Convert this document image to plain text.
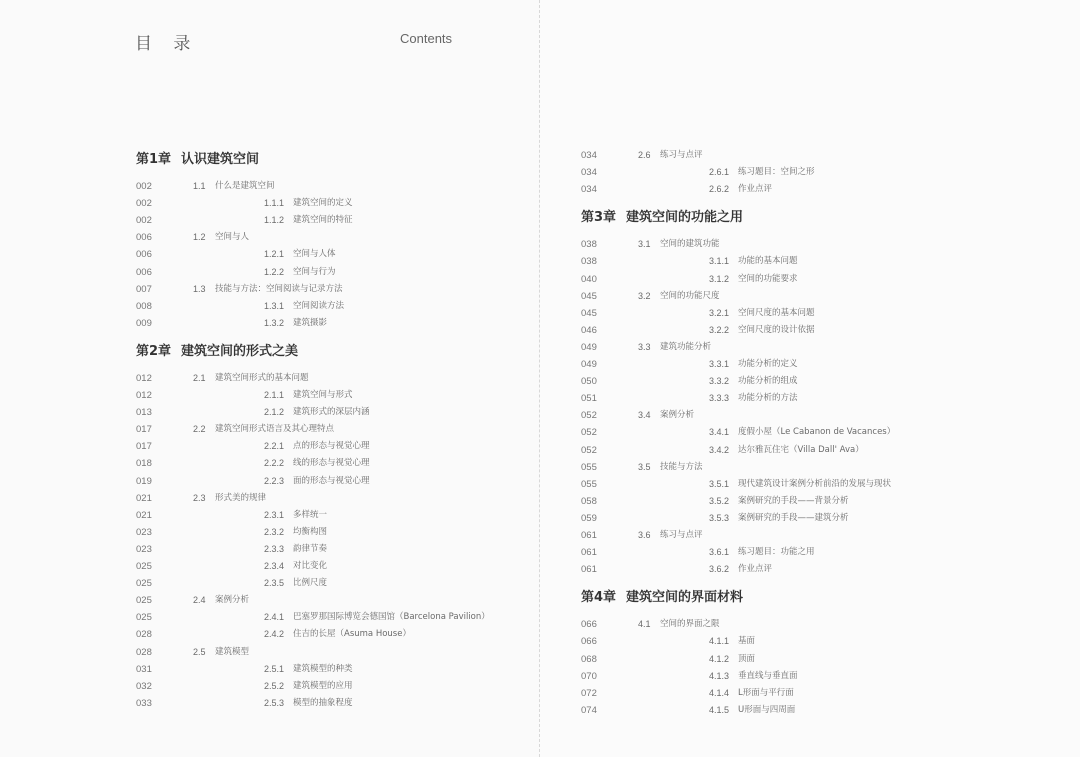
目 录	Contents
第1章 认识建筑空间
002	1.1 什么是建筑空间
002	1.1.1 建筑空间的定义
002	1.1.2 建筑空间的特征
006	1.2 空间与人
006	1.2.1 空间与人体
006	1.2.2 空间与行为
007	1.3 技能与方法：空间阅读与记录方法
008	1.3.1 空间阅读方法
009	1.3.2 建筑摄影
第2章 建筑空间的形式之美
012	2.1 建筑空间形式的基本问题
012	2.1.1 建筑空间与形式
013	2.1.2 建筑形式的深层内涵
017	2.2 建筑空间形式语言及其心理特点
017	2.2.1 点的形态与视觉心理
018	2.2.2 线的形态与视觉心理
019	2.2.3 面的形态与视觉心理
021	2.3 形式美的规律
021	2.3.1 多样统一
023	2.3.2 均衡构图
023	2.3.3 韵律节奏
025	2.3.4 对比变化
025	2.3.5 比例尺度
025	2.4 案例分析
025	2.4.1 巴塞罗那国际博览会德国馆（Barcelona Pavilion）
028	2.4.2 住吉的长屋（Asuma House）
028	2.5 建筑模型
031	2.5.1 建筑模型的种类
032	2.5.2 建筑模型的应用
033	2.5.3 模型的抽象程度
034	2.6 练习与点评
034	2.6.1 练习题目：空间之形
034	2.6.2 作业点评
第3章 建筑空间的功能之用
038	3.1 空间的建筑功能
038	3.1.1 功能的基本问题
040	3.1.2 空间的功能要求
045	3.2 空间的功能尺度
045	3.2.1 空间尺度的基本问题
046	3.2.2 空间尺度的设计依据
049	3.3 建筑功能分析
049	3.3.1 功能分析的定义
050	3.3.2 功能分析的组成
051	3.3.3 功能分析的方法
052	3.4 案例分析
052	3.4.1 度假小屋（Le Cabanon de Vacances）
052	3.4.2 达尔雅瓦住宅（Villa Dall' Ava）
055	3.5 技能与方法
055	3.5.1 现代建筑设计案例分析前沿的发展与现状
058	3.5.2 案例研究的手段——背景分析
059	3.5.3 案例研究的手段——建筑分析
061	3.6 练习与点评
061	3.6.1 练习题目：功能之用
061	3.6.2 作业点评
第4章 建筑空间的界面材料
066	4.1 空间的界面之限
066	4.1.1 基面
068	4.1.2 顶面
070	4.1.3 垂直线与垂直面
072	4.1.4 L形面与平行面
074	4.1.5 U形面与四周面
